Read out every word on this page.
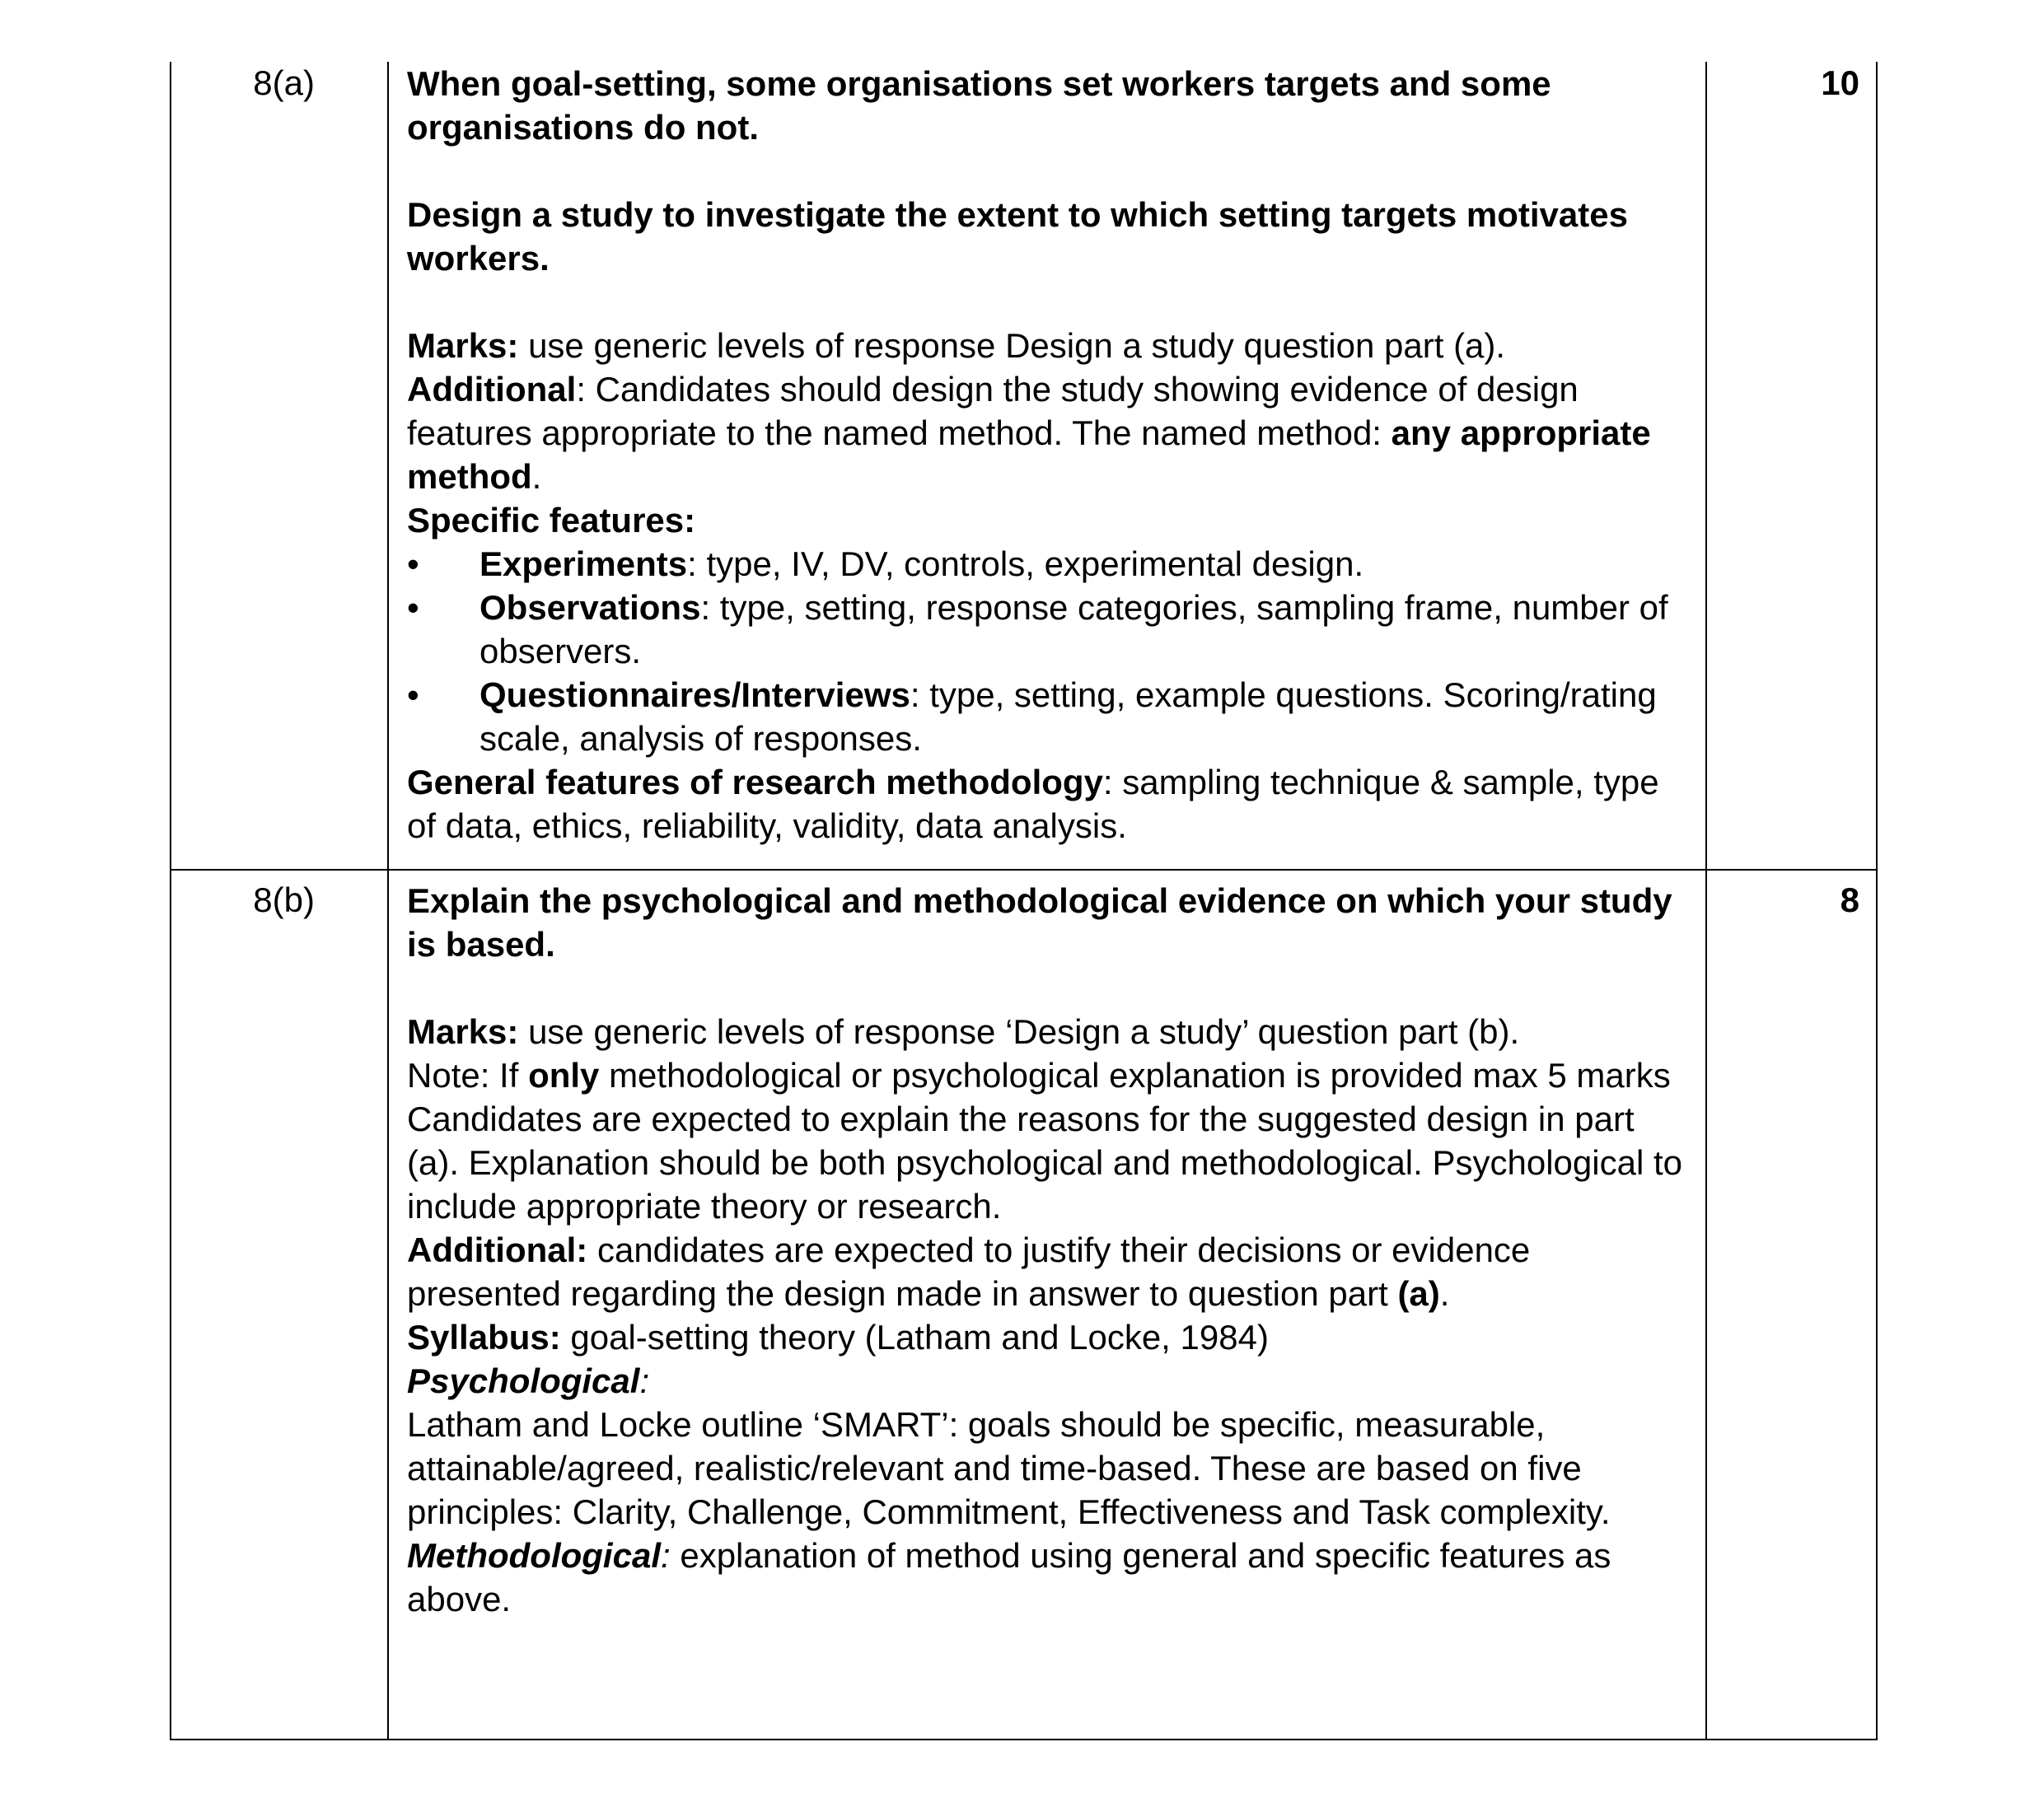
8(a)	When goal-setting, some organisations set workers targets and some organisations do not.

Design a study to investigate the extent to which setting targets motivates workers.

Marks: use generic levels of response Design a study question part (a).

Additional: Candidates should design the study showing evidence of design features appropriate to the named method. The named method: any appropriate method.

Specific features:

•	Experiments: type, IV, DV, controls, experimental design.
•	Observations: type, setting, response categories, sampling frame, number of observers.
•	Questionnaires/Interviews: type, setting, example questions. Scoring/rating scale, analysis of responses.

General features of research methodology: sampling technique & sample, type of data, ethics, reliability, validity, data analysis.

10
8(b)	Explain the psychological and methodological evidence on which your study is based.

Marks: use generic levels of response ‘Design a study’ question part (b).

Note: If only methodological or psychological explanation is provided max 5 marks

Candidates are expected to explain the reasons for the suggested design in part (a). Explanation should be both psychological and methodological. Psychological to include appropriate theory or research.

Additional: candidates are expected to justify their decisions or evidence presented regarding the design made in answer to question part (a).

Syllabus: goal-setting theory (Latham and Locke, 1984)

Psychological:

Latham and Locke outline ‘SMART’: goals should be specific, measurable, attainable/agreed, realistic/relevant and time-based. These are based on five principles: Clarity, Challenge, Commitment, Effectiveness and Task complexity.

Methodological: explanation of method using general and specific features as above.

8
